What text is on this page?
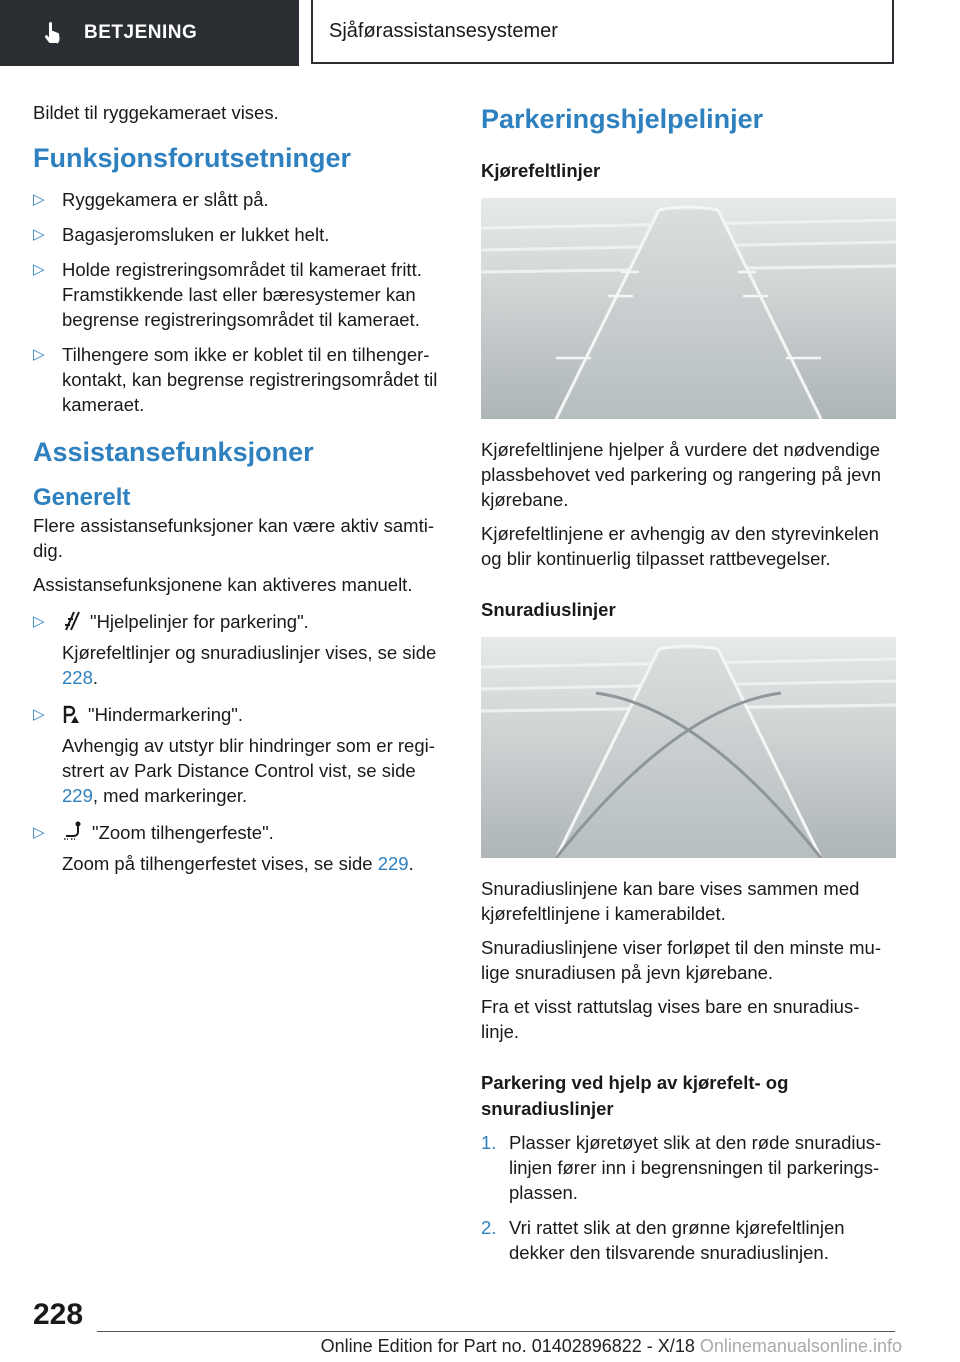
BETJENING	Sjåførassistansesystemer

Bildet til ryggekameraet vises.

Funksjonsforutsetninger
▷ Ryggekamera er slått på.
▷ Bagasjeromsluken er lukket helt.
▷ Holde registreringsområdet til kameraet fritt. Framstikkende last eller bæresystemer kan begrense registreringsområdet til kameraet.
▷ Tilhengere som ikke er koblet til en tilhenger‐kontakt, kan begrense registreringsområdet til kameraet.
Assistansefunksjoner
Generelt

Flere assistansefunksjoner kan være aktiv samti‐dig.

Assistansefunksjonene kan aktiveres manuelt.

▷ "Hjelpelinjer for parkering".
Kjørefeltlinjer og snuradiuslinjer vises, se side 228.
▷ "Hindermarkering".
Avhengig av utstyr blir hindringer som er regi‐strert av Park Distance Control vist, se side 229, med markeringer.
▷	"Zoom tilhengerfeste".
Zoom på tilhengerfestet vises, se side 229.
Parkeringshjelpelinjer
Kjørefeltlinjer

Kjørefeltlinjene hjelper å vurdere det nødvendige plassbehovet ved parkering og rangering på jevn kjørebane.

Kjørefeltlinjene er avhengig av den styrevinkelen og blir kontinuerlig tilpasset rattbevegelser.

Snuradiuslinjer

Snuradiuslinjene kan bare vises sammen med kjørefeltlinjene i kamerabildet.

Snuradiuslinjene viser forløpet til den minste mu‐lige snuradiusen på jevn kjørebane.

Fra et visst rattutslag vises bare en snuradius‐linje.

Parkering ved hjelp av kjørefelt- og snuradiuslinjer
1. Plasser kjøretøyet slik at den røde snuradius‐linjen fører inn i begrensningen til parkerings‐plassen.
2. Vri rattet slik at den grønne kjørefeltlinjen dekker den tilsvarende snuradiuslinjen.
228
Online Edition for Part no. 01402896822 - X/18 Onlinemanualsonline.info
